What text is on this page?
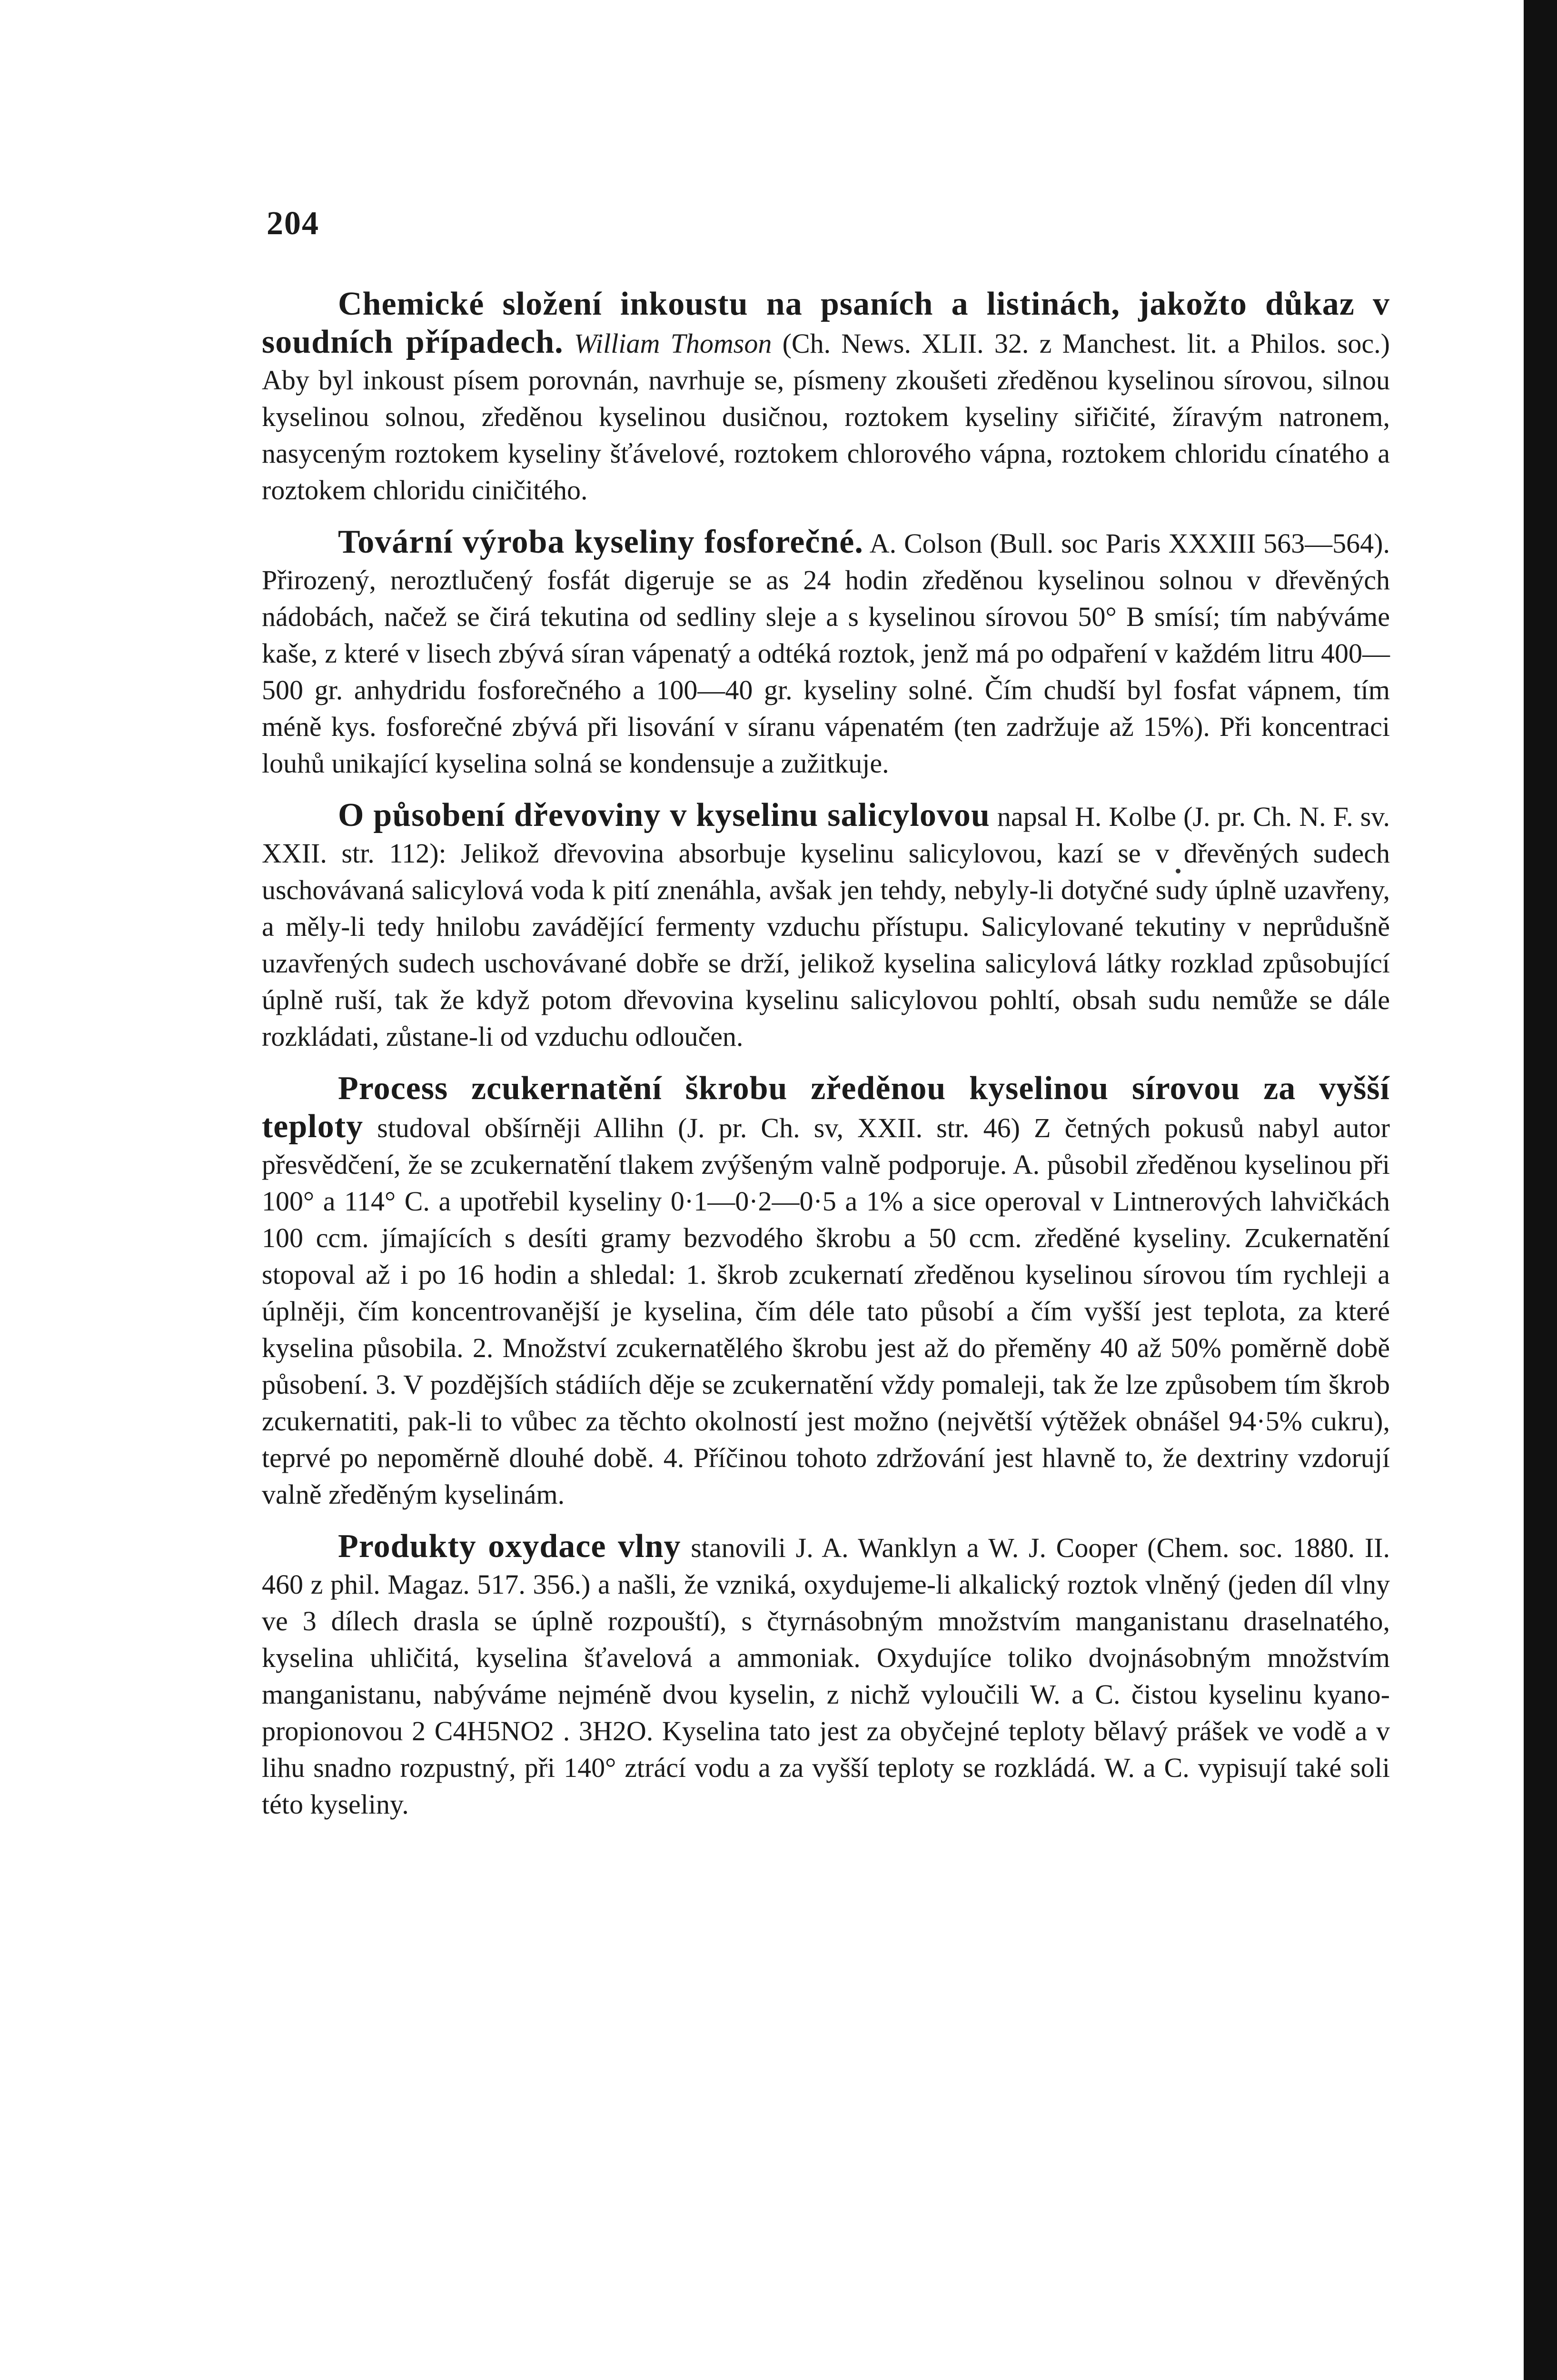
204

Chemické složení inkoustu na psaních a listinách, jakožto důkaz v soudních případech. William Thomson (Ch. News. XLII. 32. z Manchest. lit. a Philos. soc.) Aby byl inkoust písem porovnán, navrhuje se, písmeny zkoušeti zředěnou kyselinou sírovou, silnou kyselinou solnou, zředěnou kyselinou dusičnou, roztokem kyseliny siřičité, žíravým natronem, nasyceným roztokem kyseliny šťávelové, roztokem chlorového vápna, roztokem chloridu cínatého a roztokem chloridu ciničitého.

Tovární výroba kyseliny fosforečné. A. Colson (Bull. soc Paris XXXIII 563—564). Přirozený, neroztlučený fosfát digeruje se as 24 hodin zředěnou kyselinou solnou v dřevěných nádobách, načež se čirá tekutina od sedliny sleje a s kyselinou sírovou 50° B smísí; tím nabýváme kaše, z které v lisech zbývá síran vápenatý a odtéká roztok, jenž má po odpaření v každém litru 400—500 gr. anhydridu fosforečného a 100—40 gr. kyseliny solné. Čím chudší byl fosfat vápnem, tím méně kys. fosforečné zbývá při lisování v síranu vápenatém (ten zadržuje až 15%). Při koncentraci louhů unikající kyselina solná se kondensuje a zužitkuje.

O působení dřevoviny v kyselinu salicylovou napsal H. Kolbe (J. pr. Ch. N. F. sv. XXII. str. 112): Jelikož dřevovina absorbuje kyselinu salicylovou, kazí se v dřevěných sudech uschovávaná salicylová voda k pití znenáhla, avšak jen tehdy, nebyly-li dotyčné sudy úplně uzavřeny, a měly-li tedy hnilobu zavádějící fermenty vzduchu přístupu. Salicylované tekutiny v neprůdušně uzavřených sudech uschovávané dobře se drží, jelikož kyselina salicylová látky rozklad způsobující úplně ruší, tak že když potom dřevovina kyselinu salicylovou pohltí, obsah sudu nemůže se dále rozkládati, zůstane-li od vzduchu odloučen.

Process zcukernatění škrobu zředěnou kyselinou sírovou za vyšší teploty studoval obšírněji Allihn (J. pr. Ch. sv, XXII. str. 46) Z četných pokusů nabyl autor přesvědčení, že se zcukernatění tlakem zvýšeným valně podporuje. A. působil zředěnou kyselinou při 100° a 114° C. a upotřebil kyseliny 0·1—0·2—0·5 a 1% a sice operoval v Lintnerových lahvičkách 100 ccm. jímajících s desíti gramy bezvodého škrobu a 50 ccm. zředěné kyseliny. Zcukernatění stopoval až i po 16 hodin a shledal: 1. škrob zcukernatí zředěnou kyselinou sírovou tím rychleji a úplněji, čím koncentrovanější je kyselina, čím déle tato působí a čím vyšší jest teplota, za které kyselina působila. 2. Množství zcukernatělého škrobu jest až do přeměny 40 až 50% poměrně době působení. 3. V pozdějších stádiích děje se zcukernatění vždy pomaleji, tak že lze způsobem tím škrob zcukernatiti, pak-li to vůbec za těchto okolností jest možno (největší výtěžek obnášel 94·5% cukru), teprvé po nepoměrně dlouhé době. 4. Příčinou tohoto zdržování jest hlavně to, že dextriny vzdorují valně zředěným kyselinám.

Produkty oxydace vlny stanovili J. A. Wanklyn a W. J. Cooper (Chem. soc. 1880. II. 460 z phil. Magaz. 517. 356.) a našli, že vzniká, oxydujeme-li alkalický roztok vlněný (jeden díl vlny ve 3 dílech drasla se úplně rozpouští), s čtyrnásobným množstvím manganistanu draselnatého, kyselina uhličitá, kyselina šťavelová a ammoniak. Oxydujíce toliko dvojnásobným množstvím manganistanu, nabýváme nejméně dvou kyselin, z nichž vyloučili W. a C. čistou kyselinu kyano-propionovou 2 C4H5NO2 . 3H2O. Kyselina tato jest za obyčejné teploty bělavý prášek ve vodě a v lihu snadno rozpustný, při 140° ztrácí vodu a za vyšší teploty se rozkládá. W. a C. vypisují také soli této kyseliny.
